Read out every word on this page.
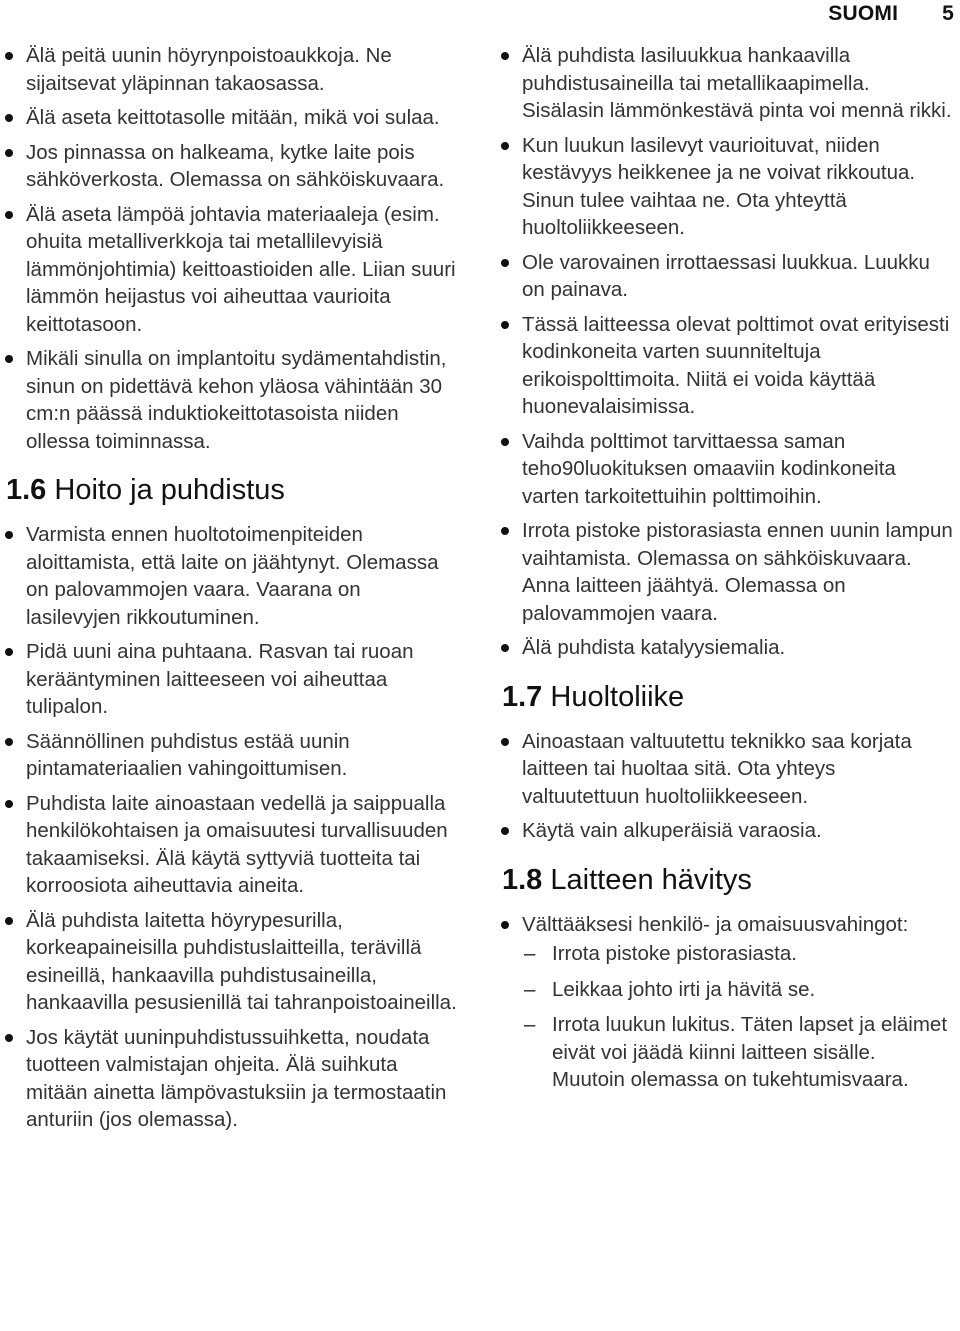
SUOMI 5
Älä peitä uunin höyrynpoistoaukkoja. Ne sijaitsevat yläpinnan takaosassa.
Älä aseta keittotasolle mitään, mikä voi sulaa.
Jos pinnassa on halkeama, kytke laite pois sähköverkosta. Olemassa on sähköiskuvaara.
Älä aseta lämpöä johtavia materiaaleja (esim. ohuita metalliverkkoja tai metallilevyisiä lämmönjohtimia) keittoastioiden alle. Liian suuri lämmön heijastus voi aiheuttaa vaurioita keittotasoon.
Mikäli sinulla on implantoitu sydämentahdistin, sinun on pidettävä kehon yläosa vähintään 30 cm:n päässä induktiokeittotasoista niiden ollessa toiminnassa.
1.6 Hoito ja puhdistus
Varmista ennen huoltotoimenpiteiden aloittamista, että laite on jäähtynyt. Olemassa on palovammojen vaara. Vaarana on lasilevyjen rikkoutuminen.
Pidä uuni aina puhtaana. Rasvan tai ruoan kerääntyminen laitteeseen voi aiheuttaa tulipalon.
Säännöllinen puhdistus estää uunin pintamateriaalien vahingoittumisen.
Puhdista laite ainoastaan vedellä ja saippualla henkilökohtaisen ja omaisuutesi turvallisuuden takaamiseksi. Älä käytä syttyviä tuotteita tai korroosiota aiheuttavia aineita.
Älä puhdista laitetta höyrypesurilla, korkeapaineisilla puhdistuslaitteilla, terävillä esineillä, hankaavilla puhdistusaineilla, hankaavilla pesusienillä tai tahranpoistoaineilla.
Jos käytät uuninpuhdistussuihketta, noudata tuotteen valmistajan ohjeita. Älä suihkuta mitään ainetta lämpövastuksiin ja termostaatin anturiin (jos olemassa).
Älä puhdista lasiluukkua hankaavilla puhdistusaineilla tai metallikaapimella. Sisälasin lämmönkestävä pinta voi mennä rikki.
Kun luukun lasilevyt vaurioituvat, niiden kestävyys heikkenee ja ne voivat rikkoutua. Sinun tulee vaihtaa ne. Ota yhteyttä huoltoliikkeeseen.
Ole varovainen irrottaessasi luukkua. Luukku on painava.
Tässä laitteessa olevat polttimot ovat erityisesti kodinkoneita varten suunniteltuja erikoispolttimoita. Niitä ei voida käyttää huonevalaisimissa.
Vaihda polttimot tarvittaessa saman teho90luokituksen omaaviin kodinkoneita varten tarkoitettuihin polttimoihin.
Irrota pistoke pistorasiasta ennen uunin lampun vaihtamista. Olemassa on sähköiskuvaara. Anna laitteen jäähtyä. Olemassa on palovammojen vaara.
Älä puhdista katalyysiemalia.
1.7 Huoltoliike
Ainoastaan valtuutettu teknikko saa korjata laitteen tai huoltaa sitä. Ota yhteys valtuutettuun huoltoliikkeeseen.
Käytä vain alkuperäisiä varaosia.
1.8 Laitteen hävitys
Välttääksesi henkilö- ja omaisuusvahingot:
– Irrota pistoke pistorasiasta.
– Leikkaa johto irti ja hävitä se.
– Irrota luukun lukitus. Täten lapset ja eläimet eivät voi jäädä kiinni laitteen sisälle. Muutoin olemassa on tukehtumisvaara.
